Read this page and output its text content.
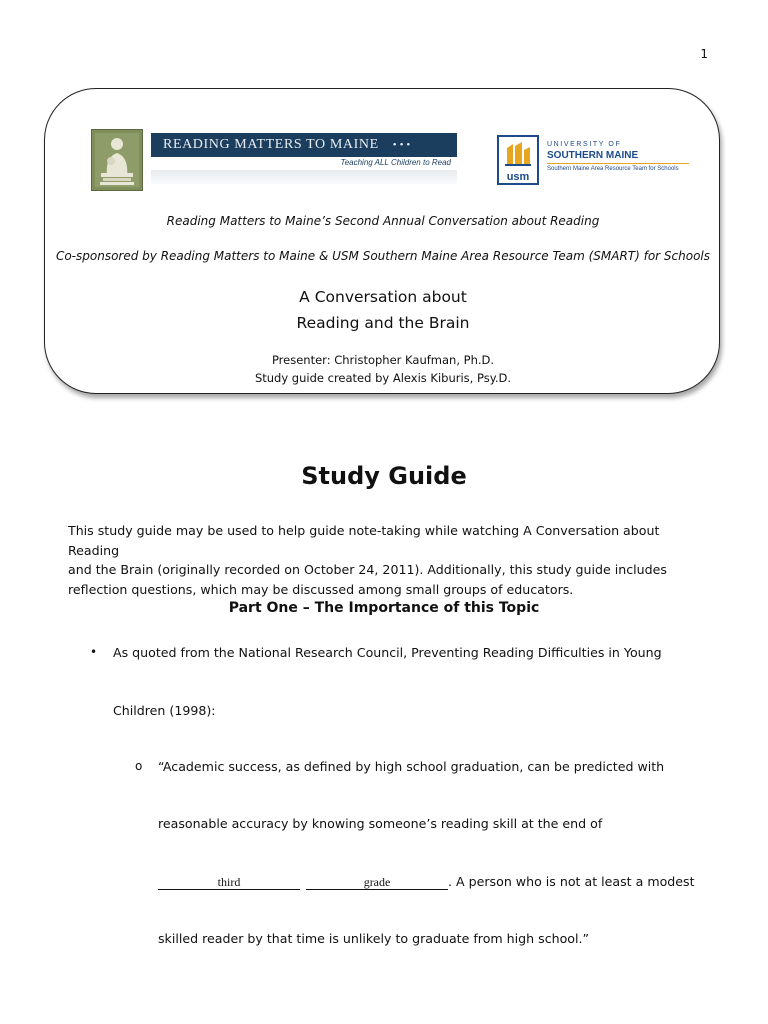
1
READING MATTERS TO MAINE •••
Teaching ALL Children to Read
usm
UNIVERSITY OF
SOUTHERN MAINE
Southern Maine Area Resource Team for Schools
Reading Matters to Maine’s Second Annual Conversation about Reading
Co-sponsored by Reading Matters to Maine & USM Southern Maine Area Resource Team (SMART) for Schools
A Conversation about
Reading and the Brain
Presenter: Christopher Kaufman, Ph.D.
Study guide created by Alexis Kiburis, Psy.D.
Study Guide
This study guide may be used to help guide note-taking while watching A Conversation about Reading
and the Brain (originally recorded on October 24, 2011). Additionally, this study guide includes
reflection questions, which may be discussed among small groups of educators.
Part One – The Importance of this Topic
• As quoted from the National Research Council, Preventing Reading Difficulties in Young
Children (1998):
o “Academic success, as defined by high school graduation, can be predicted with
reasonable accuracy by knowing someone’s reading skill at the end of
third	grade	. A person who is not at least a modest
skilled reader by that time is unlikely to graduate from high school.”
